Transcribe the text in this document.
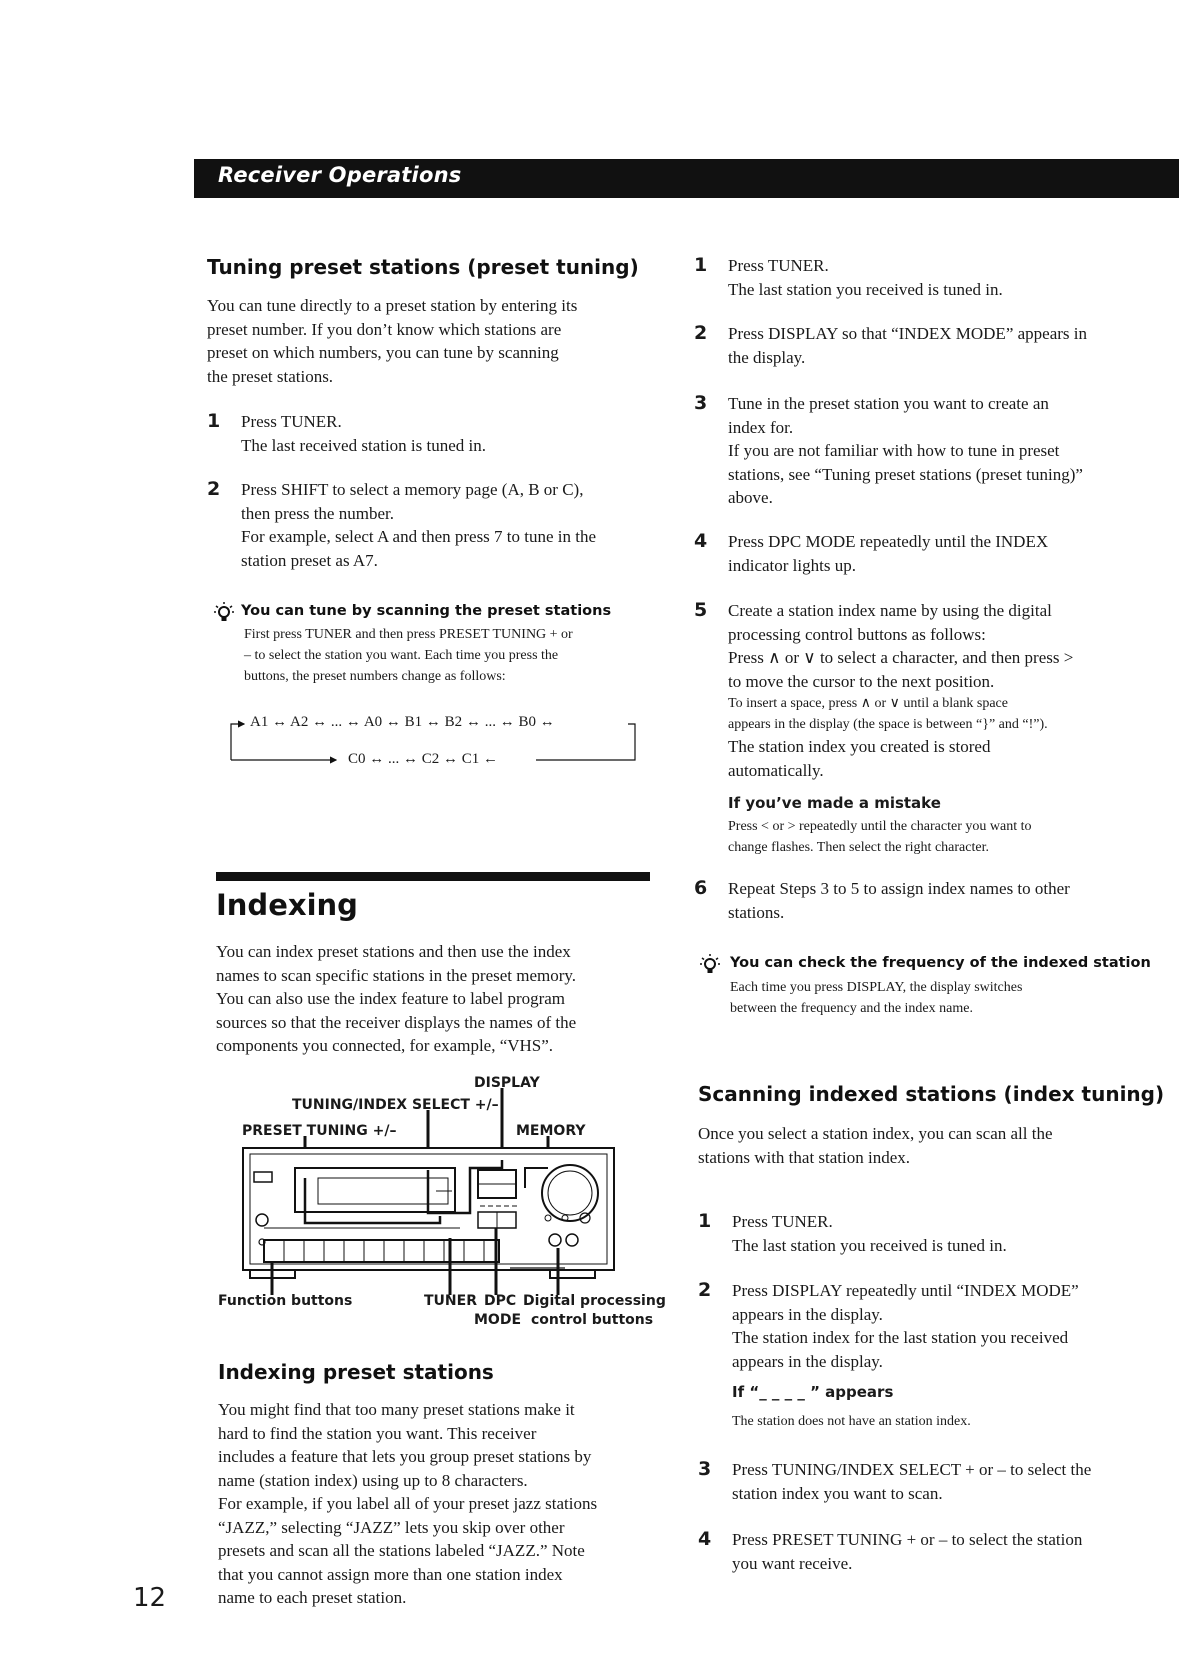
Receiver Operations
Tuning preset stations (preset tuning)
You can tune directly to a preset station by entering its
preset number. If you don’t know which stations are
preset on which numbers, you can tune by scanning
the preset stations.
1	Press TUNER.
The last received station is tuned in.
2	Press SHIFT to select a memory page (A, B or C),
then press the number.
For example, select A and then press 7 to tune in the
station preset as A7.
You can tune by scanning the preset stations
First press TUNER and then press PRESET TUNING + or
– to select the station you want. Each time you press the
buttons, the preset numbers change as follows:
A1 ↔ A2 ↔ ... ↔ A0 ↔ B1 ↔ B2 ↔ ... ↔ B0 ↔
C0 ↔ ... ↔ C2 ↔ C1 ←
Indexing
You can index preset stations and then use the index
names to scan specific stations in the preset memory.
You can also use the index feature to label program
sources so that the receiver displays the names of the
components you connected, for example, “VHS”.
DISPLAY
TUNING/INDEX SELECT +/–
PRESET TUNING +/–	MEMORY
Function buttons	TUNER DPC
MODE
Digital processing
control buttons
Indexing preset stations
You might find that too many preset stations make it
hard to find the station you want. This receiver
includes a feature that lets you group preset stations by
name (station index) using up to 8 characters.
For example, if you label all of your preset jazz stations
“JAZZ,” selecting “JAZZ” lets you skip over other
presets and scan all the stations labeled “JAZZ.” Note
that you cannot assign more than one station index
name to each preset station.
12
1	Press TUNER.
The last station you received is tuned in.
2	Press DISPLAY so that “INDEX MODE” appears in
the display.
3	Tune in the preset station you want to create an
index for.
If you are not familiar with how to tune in preset
stations, see “Tuning preset stations (preset tuning)”
above.
4	Press DPC MODE repeatedly until the INDEX
indicator lights up.
5	Create a station index name by using the digital
processing control buttons as follows:
Press ∧ or ∨ to select a character, and then press >
to move the cursor to the next position.
To insert a space, press ∧ or ∨ until a blank space
appears in the display (the space is between “}” and “!”).
The station index you created is stored
automatically.
If you’ve made a mistake
Press < or > repeatedly until the character you want to
change flashes. Then select the right character.
6	Repeat Steps 3 to 5 to assign index names to other
stations.
You can check the frequency of the indexed station
Each time you press DISPLAY, the display switches
between the frequency and the index name.
Scanning indexed stations (index tuning)
Once you select a station index, you can scan all the
stations with that station index.
1	Press TUNER.
The last station you received is tuned in.
2	Press DISPLAY repeatedly until “INDEX MODE”
appears in the display.
The station index for the last station you received
appears in the display.
If “_ _ _ _ ” appears
The station does not have an station index.
3	Press TUNING/INDEX SELECT + or – to select the
station index you want to scan.
4	Press PRESET TUNING + or – to select the station
you want receive.
